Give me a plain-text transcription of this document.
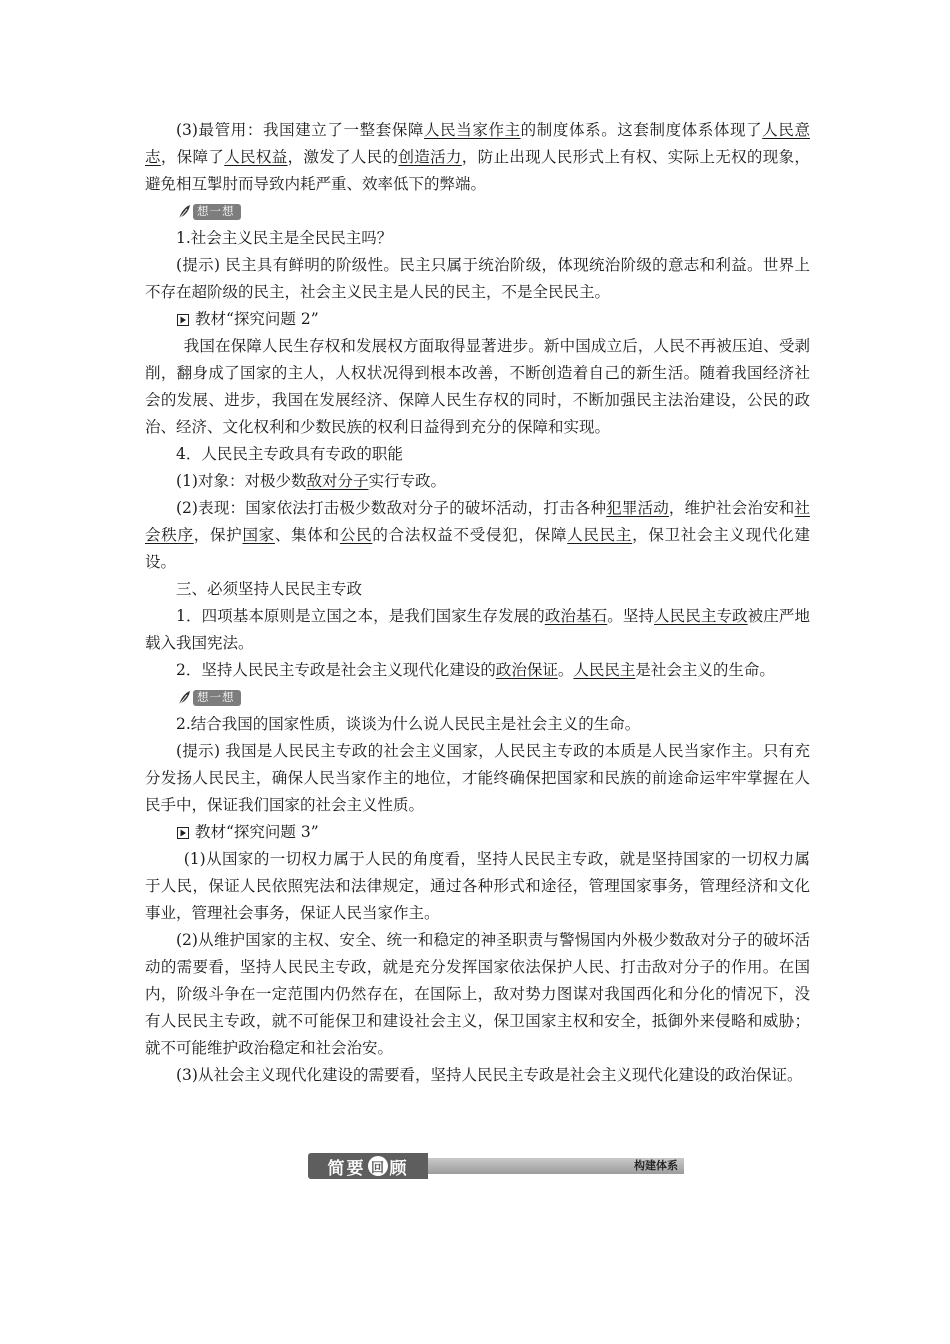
(3)最管用：我国建立了一整套保障人民当家作主的制度体系。这套制度体系体现了人民意志，保障了人民权益，激发了人民的创造活力，防止出现人民形式上有权、实际上无权的现象，避免相互掣肘而导致内耗严重、效率低下的弊端。

想一想

1.社会主义民主是全民民主吗？

(提示) 民主具有鲜明的阶级性。民主只属于统治阶级，体现统治阶级的意志和利益。世界上不存在超阶级的民主，社会主义民主是人民的民主，不是全民民主。

教材“探究问题 2”

我国在保障人民生存权和发展权方面取得显著进步。新中国成立后，人民不再被压迫、受剥削，翻身成了国家的主人，人权状况得到根本改善，不断创造着自己的新生活。随着我国经济社会的发展、进步，我国在发展经济、保障人民生存权的同时，不断加强民主法治建设，公民的政治、经济、文化权利和少数民族的权利日益得到充分的保障和实现。

4．人民民主专政具有专政的职能

(1)对象：对极少数敌对分子实行专政。

(2)表现：国家依法打击极少数敌对分子的破坏活动，打击各种犯罪活动，维护社会治安和社会秩序，保护国家、集体和公民的合法权益不受侵犯，保障人民民主，保卫社会主义现代化建设。

三、必须坚持人民民主专政

1．四项基本原则是立国之本，是我们国家生存发展的政治基石。坚持人民民主专政被庄严地载入我国宪法。

2．坚持人民民主专政是社会主义现代化建设的政治保证。人民民主是社会主义的生命。

想一想

2.结合我国的国家性质，谈谈为什么说人民民主是社会主义的生命。

(提示) 我国是人民民主专政的社会主义国家，人民民主专政的本质是人民当家作主。只有充分发扬人民民主，确保人民当家作主的地位，才能终确保把国家和民族的前途命运牢牢掌握在人民手中，保证我们国家的社会主义性质。

教材“探究问题 3”

(1)从国家的一切权力属于人民的角度看，坚持人民民主专政，就是坚持国家的一切权力属于人民，保证人民依照宪法和法律规定，通过各种形式和途径，管理国家事务，管理经济和文化事业，管理社会事务，保证人民当家作主。

(2)从维护国家的主权、安全、统一和稳定的神圣职责与警惕国内外极少数敌对分子的破坏活动的需要看，坚持人民民主专政，就是充分发挥国家依法保护人民、打击敌对分子的作用。在国内，阶级斗争在一定范围内仍然存在，在国际上，敌对势力图谋对我国西化和分化的情况下，没有人民民主专政，就不可能保卫和建设社会主义，保卫国家主权和安全，抵御外来侵略和威胁；就不可能维护政治稳定和社会治安。

(3)从社会主义现代化建设的需要看，坚持人民民主专政是社会主义现代化建设的政治保证。

简要 回 顾	构建体系
